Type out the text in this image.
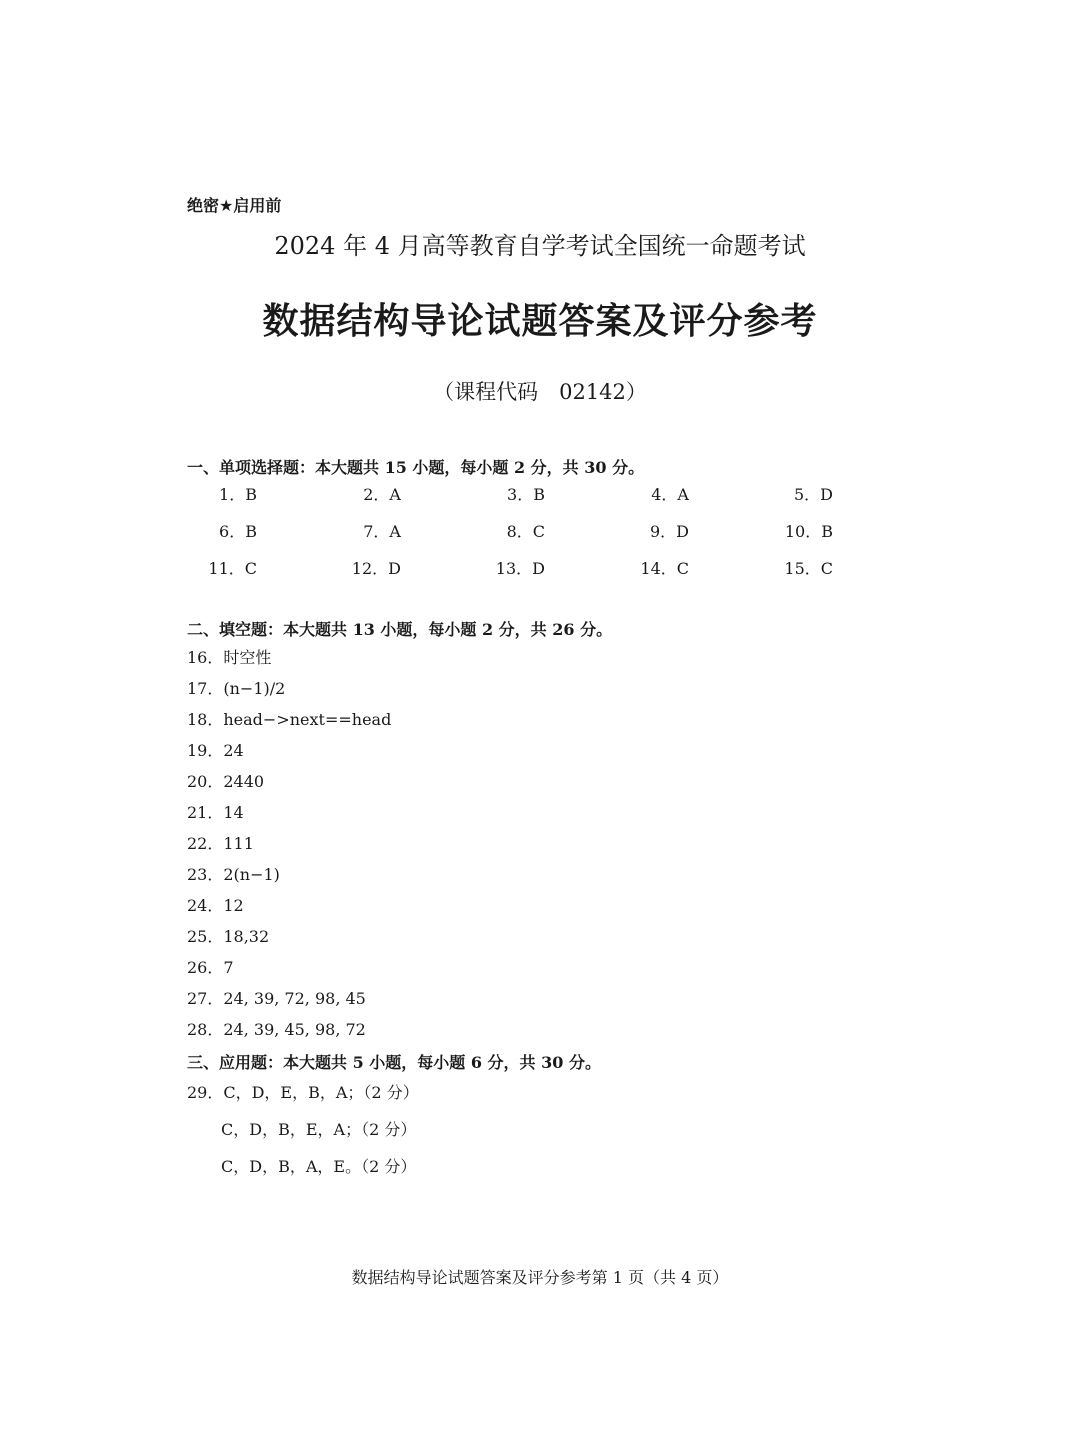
绝密★启用前
2024 年 4 月高等教育自学考试全国统一命题考试
数据结构导论试题答案及评分参考
（课程代码　02142）
一、单项选择题：本大题共 15 小题，每小题 2 分，共 30 分。
1．B	2．A	3．B	4．A	5．D
6．B	7．A	8．C	9．D	10．B
11．C	12．D	13．D	14．C	15．C
二、填空题：本大题共 13 小题，每小题 2 分，共 26 分。
16．时空性
17．(n−1)/2
18．head−>next==head
19．24
20．2440
21．14
22．111
23．2(n−1)
24．12
25．18,32
26．7
27．24, 39, 72, 98, 45
28．24, 39, 45, 98, 72
三、应用题：本大题共 5 小题，每小题 6 分，共 30 分。
29．C，D，E，B，A；（2 分）
C，D，B，E，A；（2 分）
C，D，B，A，E。（2 分）
数据结构导论试题答案及评分参考第 1 页（共 4 页）
